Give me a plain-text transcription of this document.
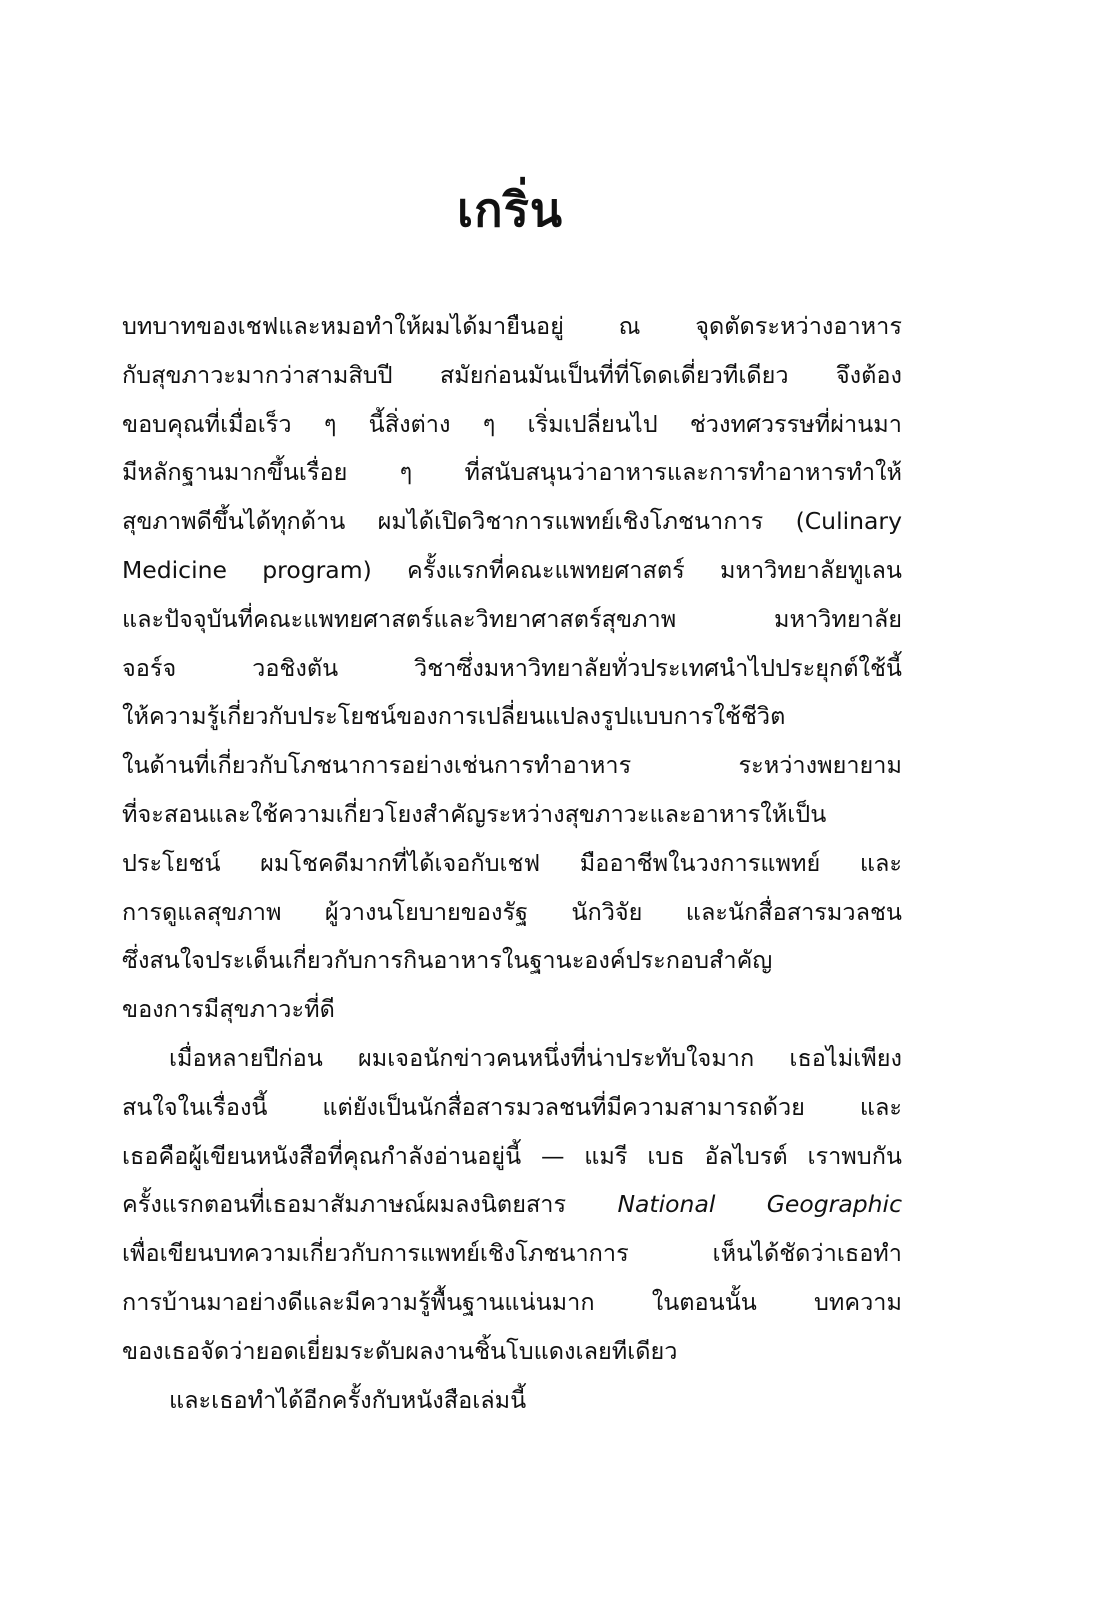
เกริ่น
บทบาทของเชฟและหมอทำให้ผมได้มายืนอยู่ ณ จุดตัดระหว่างอาหาร
กับสุขภาวะมากว่าสามสิบปี สมัยก่อนมันเป็นที่ที่โดดเดี่ยวทีเดียว จึงต้อง
ขอบคุณที่เมื่อเร็ว ๆ นี้สิ่งต่าง ๆ เริ่มเปลี่ยนไป ช่วงทศวรรษที่ผ่านมา
มีหลักฐานมากขึ้นเรื่อย ๆ ที่สนับสนุนว่าอาหารและการทำอาหารทำให้
สุขภาพดีขึ้นได้ทุกด้าน ผมได้เปิดวิชาการแพทย์เชิงโภชนาการ (Culinary
Medicine program) ครั้งแรกที่คณะแพทยศาสตร์ มหาวิทยาลัยทูเลน
และปัจจุบันที่คณะแพทยศาสตร์และวิทยาศาสตร์สุขภาพ มหาวิทยาลัย
จอร์จ วอชิงตัน วิชาซึ่งมหาวิทยาลัยทั่วประเทศนำไปประยุกต์ใช้นี้
ให้ความรู้เกี่ยวกับประโยชน์ของการเปลี่ยนแปลงรูปแบบการใช้ชีวิต
ในด้านที่เกี่ยวกับโภชนาการอย่างเช่นการทำอาหาร ระหว่างพยายาม
ที่จะสอนและใช้ความเกี่ยวโยงสำคัญระหว่างสุขภาวะและอาหารให้เป็น
ประโยชน์ ผมโชคดีมากที่ได้เจอกับเชฟ มืออาชีพในวงการแพทย์ และ
การดูแลสุขภาพ ผู้วางนโยบายของรัฐ นักวิจัย และนักสื่อสารมวลชน
ซึ่งสนใจประเด็นเกี่ยวกับการกินอาหารในฐานะองค์ประกอบสำคัญ
ของการมีสุขภาวะที่ดี
เมื่อหลายปีก่อน ผมเจอนักข่าวคนหนึ่งที่น่าประทับใจมาก เธอไม่เพียง
สนใจในเรื่องนี้ แต่ยังเป็นนักสื่อสารมวลชนที่มีความสามารถด้วย และ
เธอคือผู้เขียนหนังสือที่คุณกำลังอ่านอยู่นี้ — แมรี เบธ อัลไบรต์ เราพบกัน
ครั้งแรกตอนที่เธอมาสัมภาษณ์ผมลงนิตยสาร National Geographic
เพื่อเขียนบทความเกี่ยวกับการแพทย์เชิงโภชนาการ เห็นได้ชัดว่าเธอทำ
การบ้านมาอย่างดีและมีความรู้พื้นฐานแน่นมาก ในตอนนั้น บทความ
ของเธอจัดว่ายอดเยี่ยมระดับผลงานชิ้นโบแดงเลยทีเดียว
และเธอทำได้อีกครั้งกับหนังสือเล่มนี้
